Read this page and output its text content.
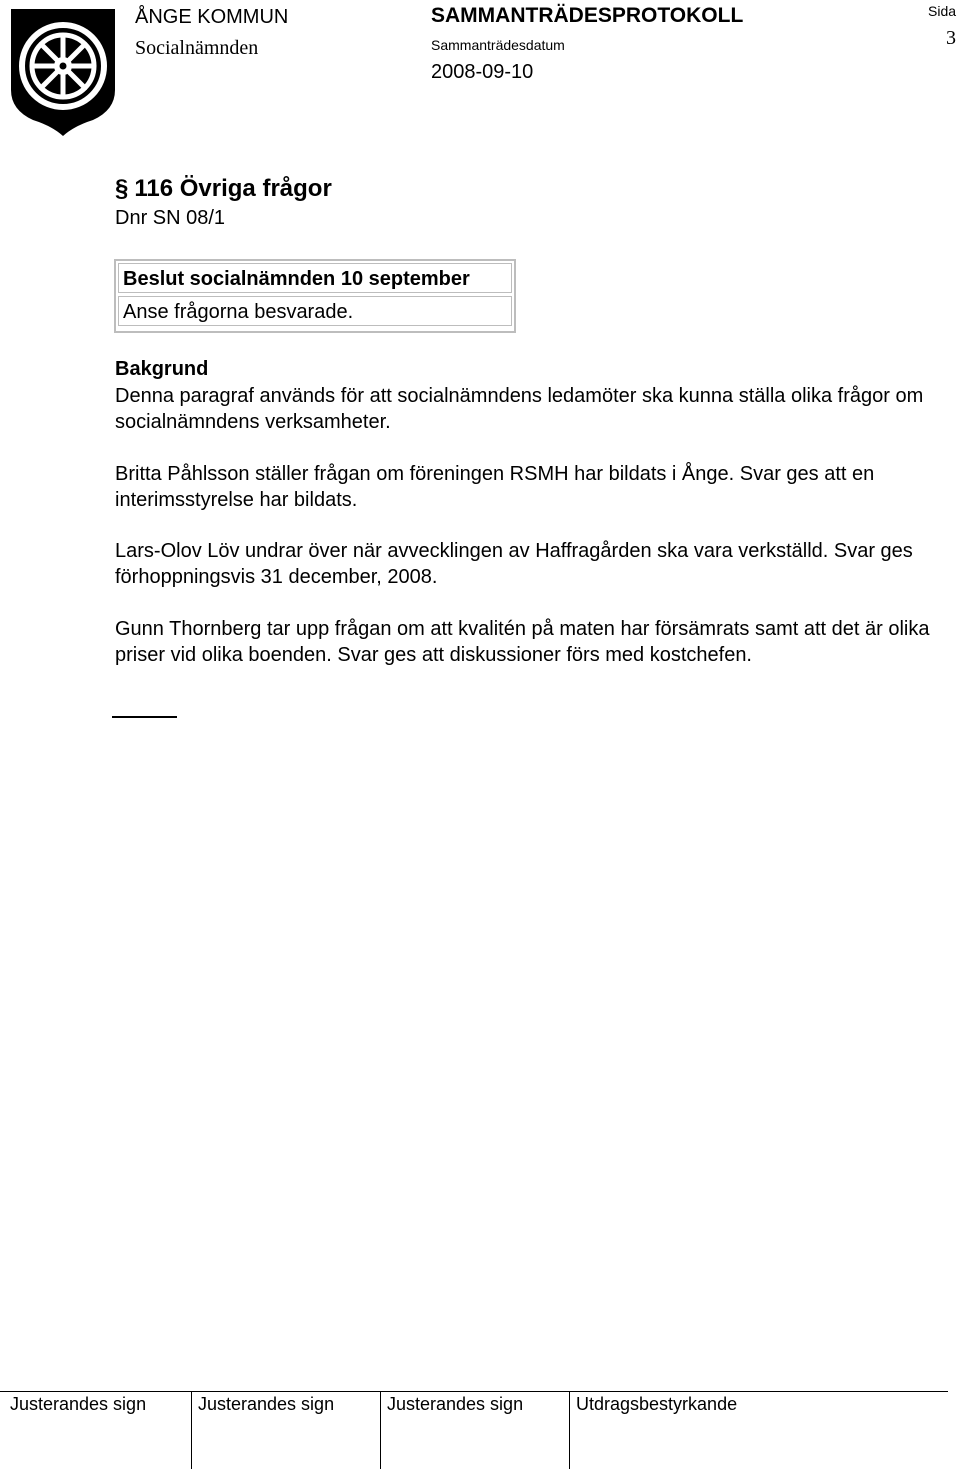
ÅNGE KOMMUN
Socialnämnden
SAMMANTRÄDESPROTOKOLL
Sammanträdesdatum
2008-09-10
Sida
3
§ 116 Övriga frågor
Dnr SN 08/1
Beslut socialnämnden 10 september
Anse frågorna besvarade.
Bakgrund
Denna paragraf används för att socialnämndens ledamöter ska kunna ställa olika frågor om socialnämndens verksamheter.
Britta Påhlsson ställer frågan om föreningen RSMH har bildats i Ånge. Svar ges att en interimsstyrelse har bildats.
Lars-Olov Löv undrar över när avvecklingen av Haffragården ska vara verkställd. Svar ges förhoppningsvis 31 december, 2008.
Gunn Thornberg tar upp frågan om att kvalitén på maten har försämrats samt att det är olika priser vid olika boenden. Svar ges att diskussioner förs med kostchefen.
Justerandes sign	Justerandes sign	Justerandes sign	Utdragsbestyrkande
